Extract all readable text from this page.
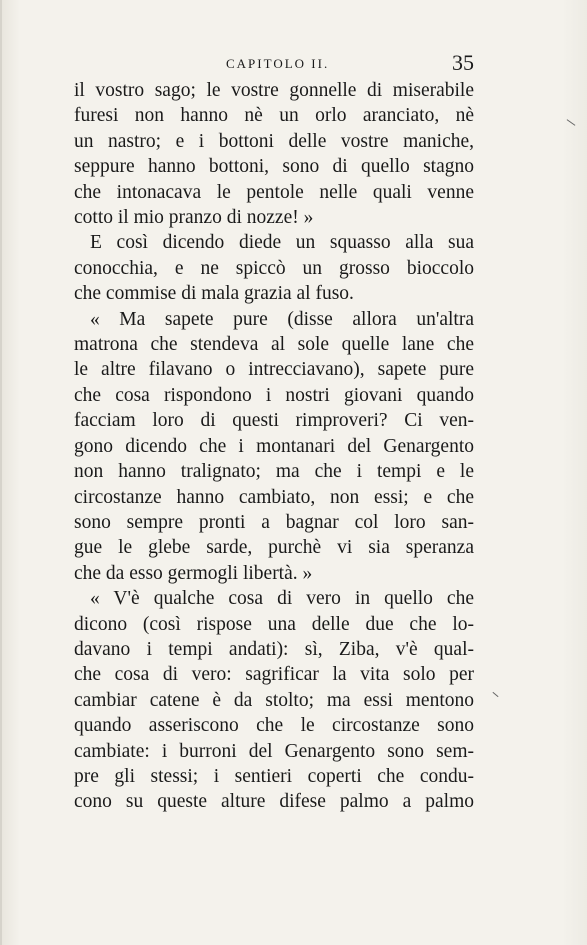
CAPITOLO II.	35
il vostro sago; le vostre gonnelle di miserabile
furesi non hanno nè un orlo aranciato, nè
un nastro; e i bottoni delle vostre maniche,
seppure hanno bottoni, sono di quello stagno
che intonacava le pentole nelle quali venne
cotto il mio pranzo di nozze! »
E così dicendo diede un squasso alla sua
conocchia, e ne spiccò un grosso bioccolo
che commise di mala grazia al fuso.
« Ma sapete pure (disse allora un'altra
matrona che stendeva al sole quelle lane che
le altre filavano o intrecciavano), sapete pure
che cosa rispondono i nostri giovani quando
facciam loro di questi rimproveri? Ci ven-
gono dicendo che i montanari del Genargento
non hanno tralignato; ma che i tempi e le
circostanze hanno cambiato, non essi; e che
sono sempre pronti a bagnar col loro san-
gue le glebe sarde, purchè vi sia speranza
che da esso germogli libertà. »
« V'è qualche cosa di vero in quello che
dicono (così rispose una delle due che lo-
davano i tempi andati): sì, Ziba, v'è qual-
che cosa di vero: sagrificar la vita solo per
cambiar catene è da stolto; ma essi mentono
quando asseriscono che le circostanze sono
cambiate: i burroni del Genargento sono sem-
pre gli stessi; i sentieri coperti che condu-
cono su queste alture difese palmo a palmo
